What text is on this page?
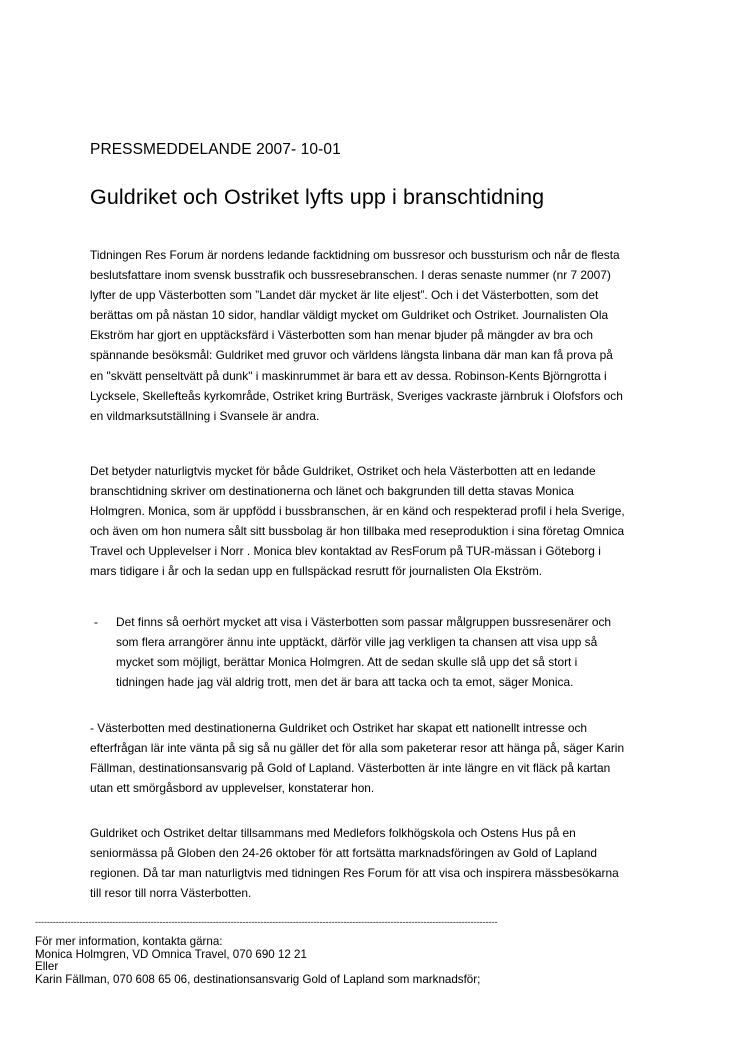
PRESSMEDDELANDE 2007- 10-01

Guldriket och Ostriket lyfts upp i branschtidning

Tidningen Res Forum är nordens ledande facktidning om bussresor och bussturism och når de flesta
beslutsfattare inom svensk busstrafik och bussresebranschen. I deras senaste nummer (nr 7 2007)
lyfter de upp Västerbotten som ”Landet där mycket är lite eljest”. Och i det Västerbotten, som det
berättas om på nästan 10 sidor, handlar väldigt mycket om Guldriket och Ostriket. Journalisten Ola
Ekström har gjort en upptäcksfärd i Västerbotten som han menar bjuder på mängder av bra och
spännande besöksmål: Guldriket med gruvor och världens längsta linbana där man kan få prova på
en "skvätt penseltvätt på dunk" i maskinrummet är bara ett av dessa. Robinson-Kents Björngrotta i
Lycksele, Skellefteås kyrkområde, Ostriket kring Burträsk, Sveriges vackraste järnbruk i Olofsfors och
en vildmarksutställning i Svansele är andra.

Det betyder naturligtvis mycket för både Guldriket, Ostriket och hela Västerbotten att en ledande
branschtidning skriver om destinationerna och länet och bakgrunden till detta stavas Monica
Holmgren. Monica, som är uppfödd i bussbranschen, är en känd och respekterad profil i hela Sverige,
och även om hon numera sålt sitt bussbolag är hon tillbaka med reseproduktion i sina företag Omnica
Travel och Upplevelser i Norr . Monica blev kontaktad av ResForum på TUR-mässan i Göteborg i
mars tidigare i år och la sedan upp en fullspäckad resrutt för journalisten Ola Ekström.

- Det finns så oerhört mycket att visa i Västerbotten som passar målgruppen bussresenärer och
som flera arrangörer ännu inte upptäckt, därför ville jag verkligen ta chansen att visa upp så
mycket som möjligt, berättar Monica Holmgren. Att de sedan skulle slå upp det så stort i
tidningen hade jag väl aldrig trott, men det är bara att tacka och ta emot, säger Monica.

- Västerbotten med destinationerna Guldriket och Ostriket har skapat ett nationellt intresse och
efterfrågan lär inte vänta på sig så nu gäller det för alla som paketerar resor att hänga på, säger Karin
Fällman, destinationsansvarig på Gold of Lapland. Västerbotten är inte längre en vit fläck på kartan
utan ett smörgåsbord av upplevelser, konstaterar hon.

Guldriket och Ostriket deltar tillsammans med Medlefors folkhögskola och Ostens Hus på en
seniormässa på Globen den 24-26 oktober för att fortsätta marknadsföringen av Gold of Lapland
regionen. Då tar man naturligtvis med tidningen Res Forum för att visa och inspirera mässbesökarna
till resor till norra Västerbotten.

------------------------------------------------------------------------------------------------------------------------------------------------------------
För mer information, kontakta gärna:
Monica Holmgren, VD Omnica Travel, 070 690 12 21
Eller
Karin Fällman, 070 608 65 06, destinationsansvarig Gold of Lapland som marknadsför;
